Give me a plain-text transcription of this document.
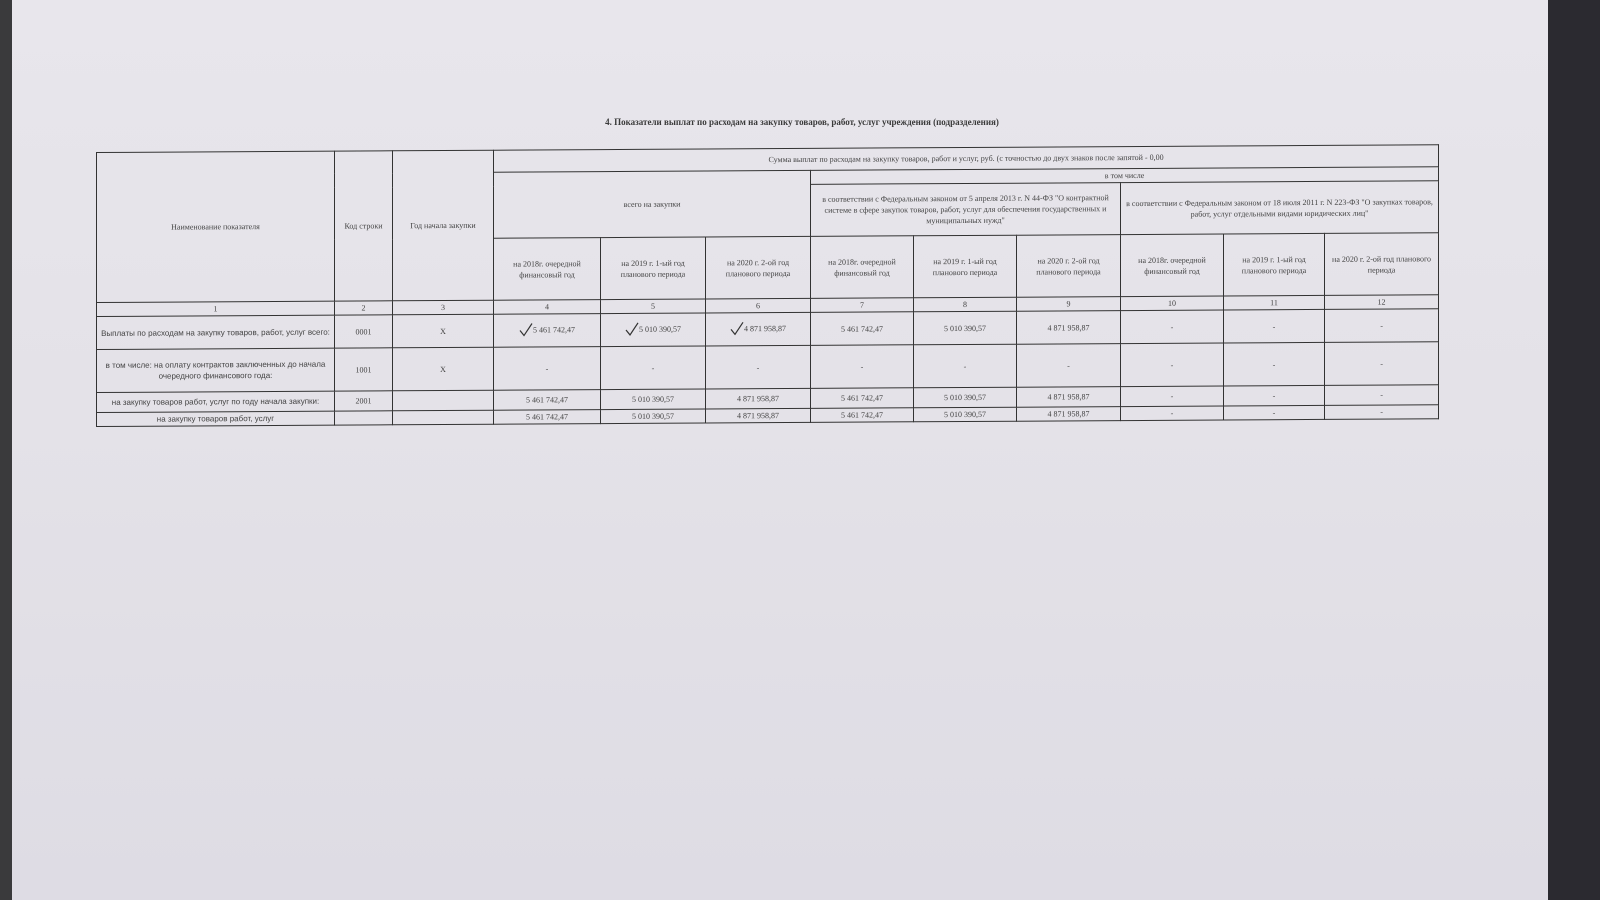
4. Показатели выплат по расходам на закупку товаров, работ, услуг учреждения (подразделения)
Наименование показателя	Код строки	Год начала закупки	Сумма выплат по расходам на закупку товаров, работ и услуг, руб. (с точностью до двух знаков после запятой - 0,00								
			всего на закупки			в том числе					
						в соответствии с Федеральным законом от 5 апреля 2013 г. N 44-ФЗ "О контрактной системе в сфере закупок товаров, работ, услуг для обеспечения государственных и муниципальных нужд"			в соответствии с Федеральным законом от 18 июля 2011 г. N 223-ФЗ "О закупках товаров, работ, услуг отдельными видами юридических лиц"		
			на 2018г. очередной финансовый год	на 2019 г. 1-ый год планового периода	на 2020 г. 2-ой год планового периода	на 2018г. очередной финансовый год	на 2019 г. 1-ый год планового периода	на 2020 г. 2-ой год планового периода	на 2018г. очередной финансовый год	на 2019 г. 1-ый год планового периода	на 2020 г. 2-ой год планового периода
1	2	3	4	5	6	7	8	9	10	11	12
Выплаты по расходам на закупку товаров, работ, услуг всего:	0001	Х	5 461 742,47	5 010 390,57	4 871 958,87	5 461 742,47	5 010 390,57	4 871 958,87	-	-	-
в том числе: на оплату контрактов заключенных до начала очередного финансового года:	1001	Х	-	-	-	-	-	-	-	-	-
на закупку товаров работ, услуг по году начала закупки:	2001		5 461 742,47	5 010 390,57	4 871 958,87	5 461 742,47	5 010 390,57	4 871 958,87	-	-	-
на закупку товаров работ, услуг			5 461 742,47	5 010 390,57	4 871 958,87	5 461 742,47	5 010 390,57	4 871 958,87	-	-	-
